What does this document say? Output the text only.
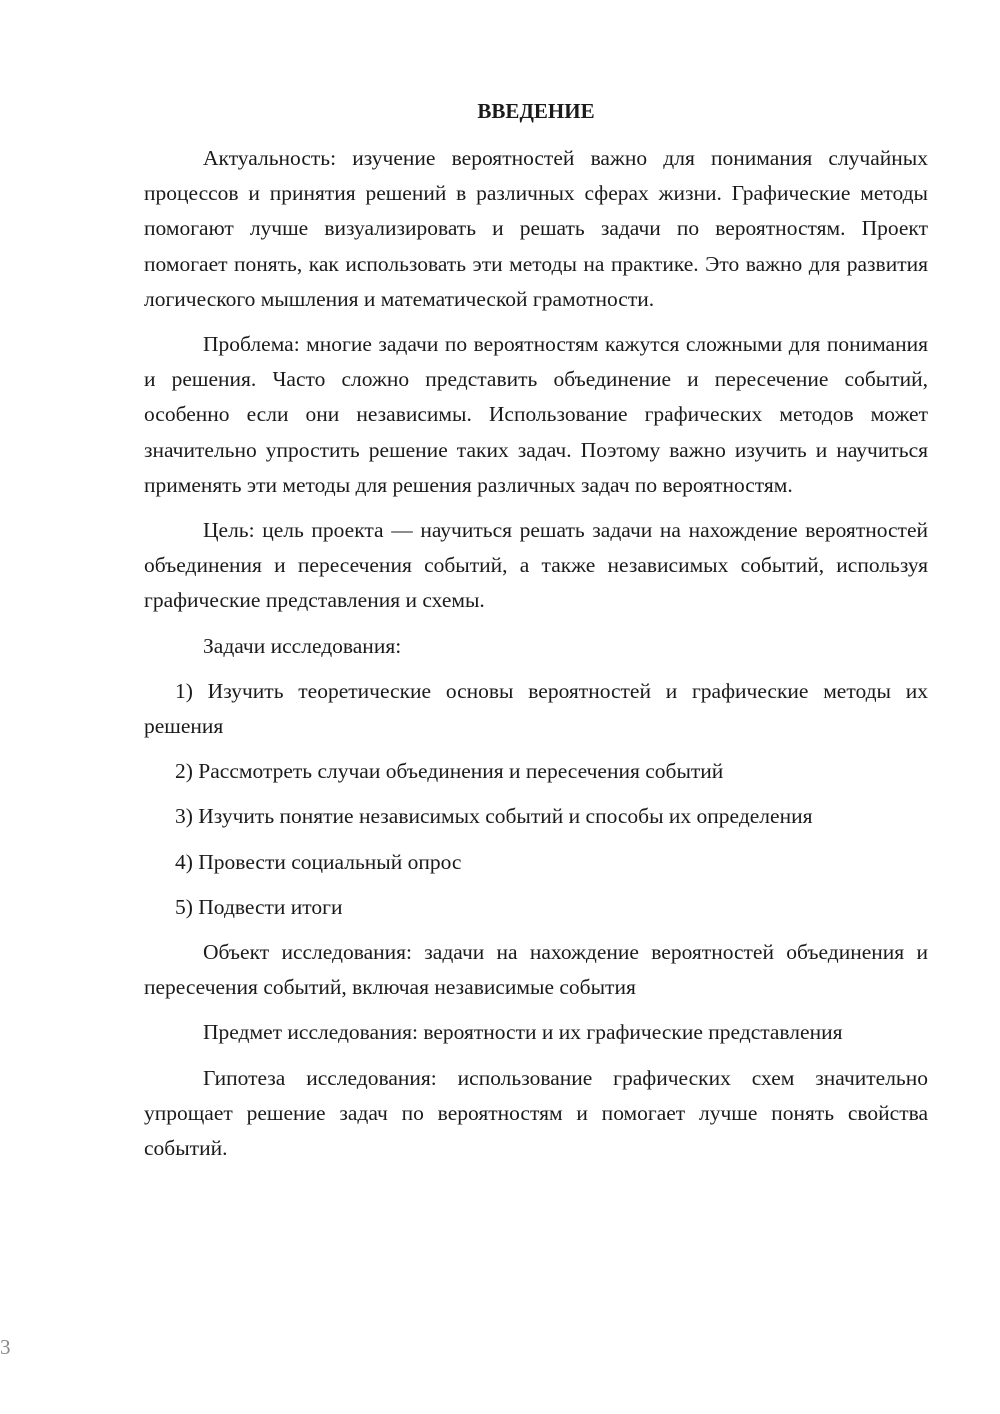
ВВЕДЕНИЕ

Актуальность: изучение вероятностей важно для понимания случайных процессов и принятия решений в различных сферах жизни. Графические методы помогают лучше визуализировать и решать задачи по вероятностям. Проект помогает понять, как использовать эти методы на практике. Это важно для развития логического мышления и математической грамотности.

Проблема: многие задачи по вероятностям кажутся сложными для понимания и решения. Часто сложно представить объединение и пересечение событий, особенно если они независимы. Использование графических методов может значительно упростить решение таких задач. Поэтому важно изучить и научиться применять эти методы для решения различных задач по вероятностям.

Цель: цель проекта — научиться решать задачи на нахождение вероятностей объединения и пересечения событий, а также независимых событий, используя графические представления и схемы.

Задачи исследования:

1) Изучить теоретические основы вероятностей и графические методы их решения

2) Рассмотреть случаи объединения и пересечения событий

3) Изучить понятие независимых событий и способы их определения

4) Провести социальный опрос

5) Подвести итоги

Объект исследования: задачи на нахождение вероятностей объединения и пересечения событий, включая независимые события

Предмет исследования: вероятности и их графические представления

Гипотеза исследования: использование графических схем значительно упрощает решение задач по вероятностям и помогает лучше понять свойства событий.

3
